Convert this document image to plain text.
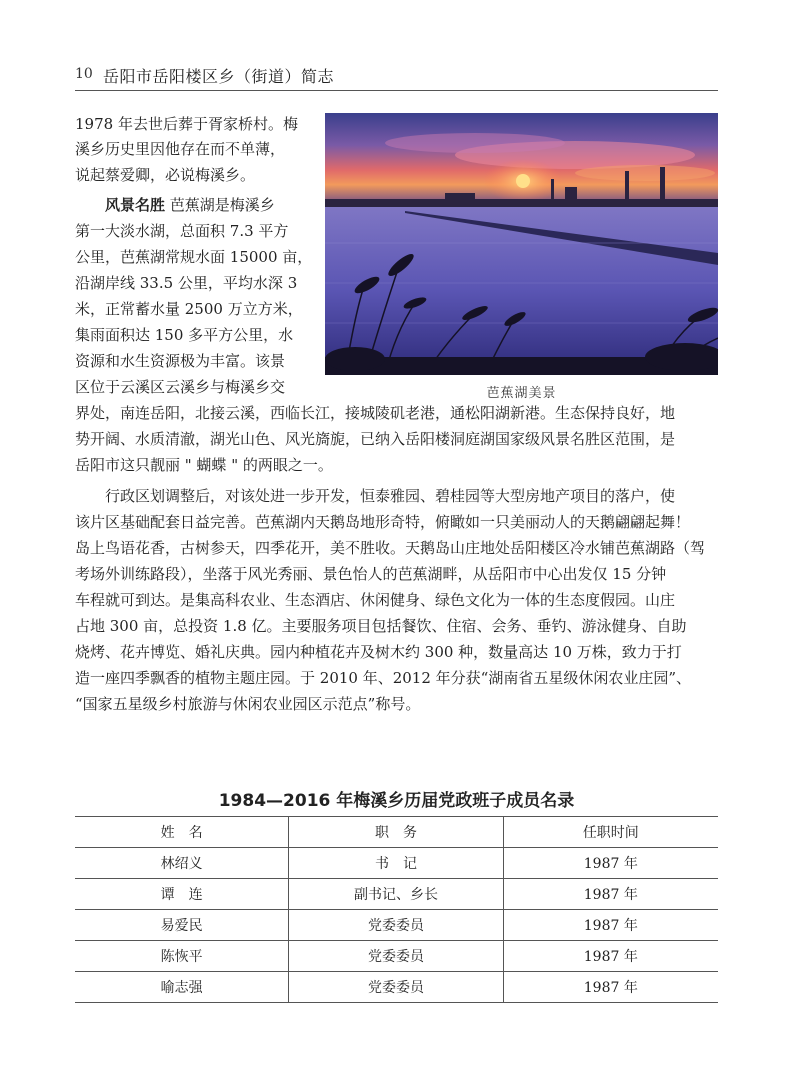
10 岳阳市岳阳楼区乡（街道）简志
芭蕉湖美景
1978 年去世后葬于胥家桥村。梅
溪乡历史里因他存在而不单薄，
说起蔡爱卿，必说梅溪乡。
风景名胜 芭蕉湖是梅溪乡
第一大淡水湖，总面积 7.3 平方
公里，芭蕉湖常规水面 15000 亩，
沿湖岸线 33.5 公里，平均水深 3
米，正常蓄水量 2500 万立方米，
集雨面积达 150 多平方公里，水
资源和水生资源极为丰富。该景
区位于云溪区云溪乡与梅溪乡交
界处，南连岳阳，北接云溪，西临长江，接城陵矶老港，通松阳湖新港。生态保持良好，地
势开阔、水质清澈，湖光山色、风光旖旎，已纳入岳阳楼洞庭湖国家级风景名胜区范围，是
岳阳市这只靓丽 " 蝴蝶 " 的两眼之一。
行政区划调整后，对该处进一步开发，恒泰雅园、碧桂园等大型房地产项目的落户，使
该片区基础配套日益完善。芭蕉湖内天鹅岛地形奇特，俯瞰如一只美丽动人的天鹅翩翩起舞！
岛上鸟语花香，古树参天，四季花开，美不胜收。天鹅岛山庄地处岳阳楼区冷水铺芭蕉湖路（驾
考场外训练路段），坐落于风光秀丽、景色怡人的芭蕉湖畔，从岳阳市中心出发仅 15 分钟
车程就可到达。是集高科农业、生态酒店、休闲健身、绿色文化为一体的生态度假园。山庄
占地 300 亩，总投资 1.8 亿。主要服务项目包括餐饮、住宿、会务、垂钓、游泳健身、自助
烧烤、花卉博览、婚礼庆典。园内种植花卉及树木约 300 种，数量高达 10 万株，致力于打
造一座四季飘香的植物主题庄园。于 2010 年、2012 年分获“湖南省五星级休闲农业庄园”、
“国家五星级乡村旅游与休闲农业园区示范点”称号。
1984—2016 年梅溪乡历届党政班子成员名录
姓　名	职　务	任职时间
林绍义	书　记	1987 年
谭　连	副书记、乡长	1987 年
易爱民	党委委员	1987 年
陈恢平	党委委员	1987 年
喻志强	党委委员	1987 年
